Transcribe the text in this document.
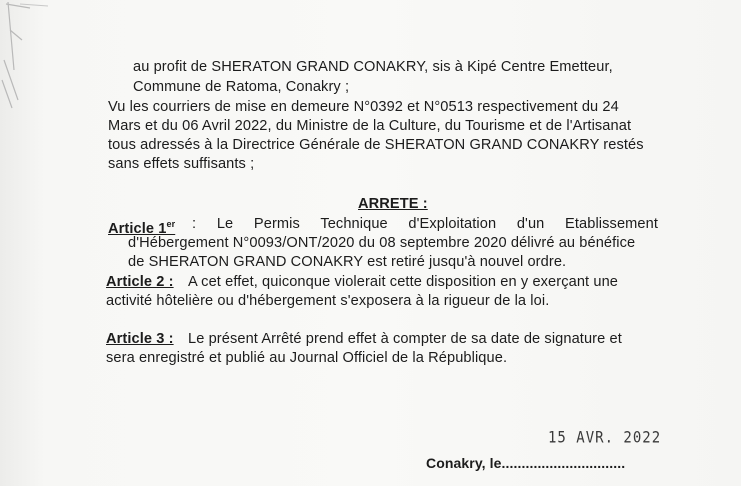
au profit de SHERATON GRAND CONAKRY, sis à Kipé Centre Emetteur,
Commune de Ratoma, Conakry ;
Vu les courriers de mise en demeure N°0392 et N°0513 respectivement du 24
Mars et du 06 Avril 2022, du Ministre de la Culture, du Tourisme et de l'Artisanat
tous adressés à la Directrice Générale de SHERATON GRAND CONAKRY restés
sans effets suffisants ;
ARRETE :
Article 1er : Le Permis Technique d'Exploitation d'un Etablissement
d'Hébergement N°0093/ONT/2020 du 08 septembre 2020 délivré au bénéfice
de SHERATON GRAND CONAKRY est retiré jusqu'à nouvel ordre.
Article 2 : A cet effet, quiconque violerait cette disposition en y exerçant une
activité hôtelière ou d'hébergement s'exposera à la rigueur de la loi.
Article 3 : Le présent Arrêté prend effet à compter de sa date de signature et
sera enregistré et publié au Journal Officiel de la République.
15 AVR. 2022
Conakry, le...............................
